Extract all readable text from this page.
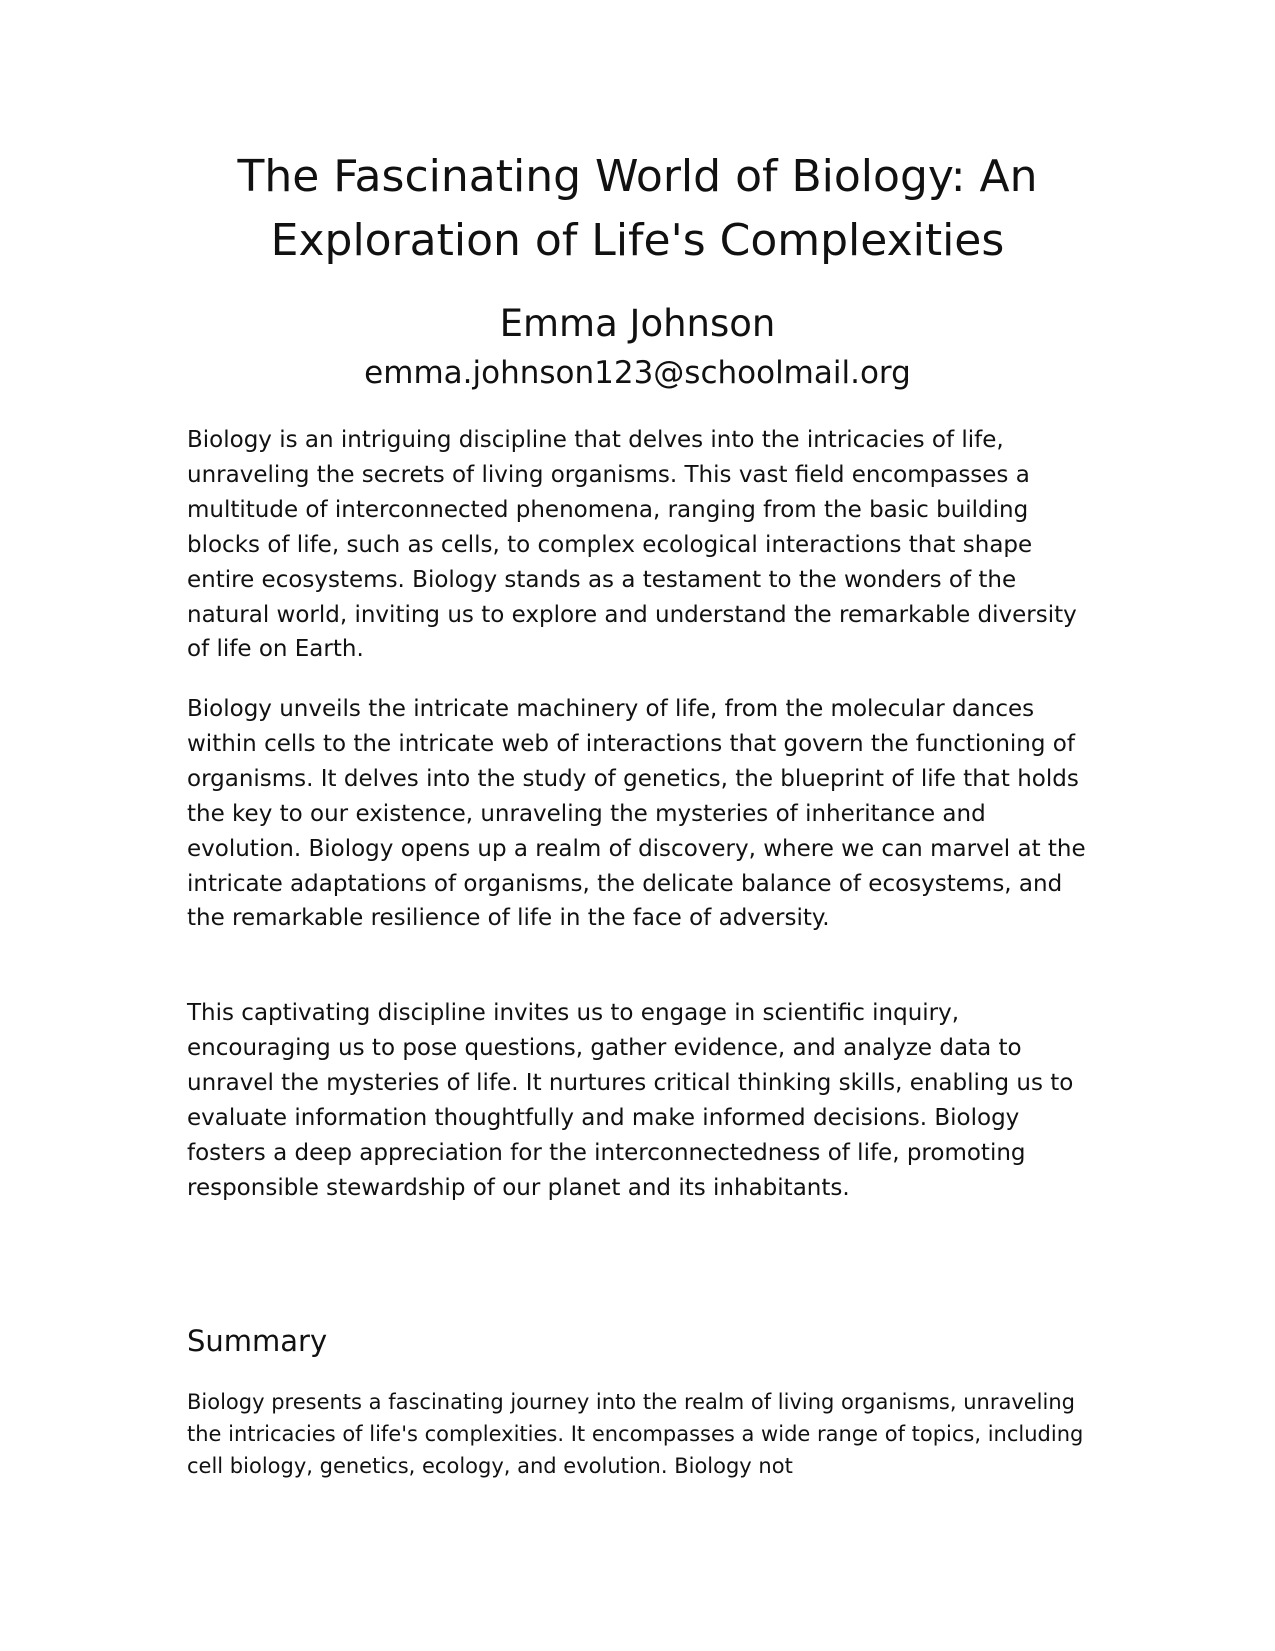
The Fascinating World of Biology: An Exploration of Life's Complexities
Emma Johnson
emma.johnson123@schoolmail.org

Biology is an intriguing discipline that delves into the intricacies of life, unraveling the secrets of living organisms. This vast field encompasses a multitude of interconnected phenomena, ranging from the basic building blocks of life, such as cells, to complex ecological interactions that shape entire ecosystems. Biology stands as a testament to the wonders of the natural world, inviting us to explore and understand the remarkable diversity of life on Earth.

Biology unveils the intricate machinery of life, from the molecular dances within cells to the intricate web of interactions that govern the functioning of organisms. It delves into the study of genetics, the blueprint of life that holds the key to our existence, unraveling the mysteries of inheritance and evolution. Biology opens up a realm of discovery, where we can marvel at the intricate adaptations of organisms, the delicate balance of ecosystems, and the remarkable resilience of life in the face of adversity.

This captivating discipline invites us to engage in scientific inquiry, encouraging us to pose questions, gather evidence, and analyze data to unravel the mysteries of life. It nurtures critical thinking skills, enabling us to evaluate information thoughtfully and make informed decisions. Biology fosters a deep appreciation for the interconnectedness of life, promoting responsible stewardship of our planet and its inhabitants.

Summary

Biology presents a fascinating journey into the realm of living organisms, unraveling the intricacies of life's complexities. It encompasses a wide range of topics, including cell biology, genetics, ecology, and evolution. Biology not
